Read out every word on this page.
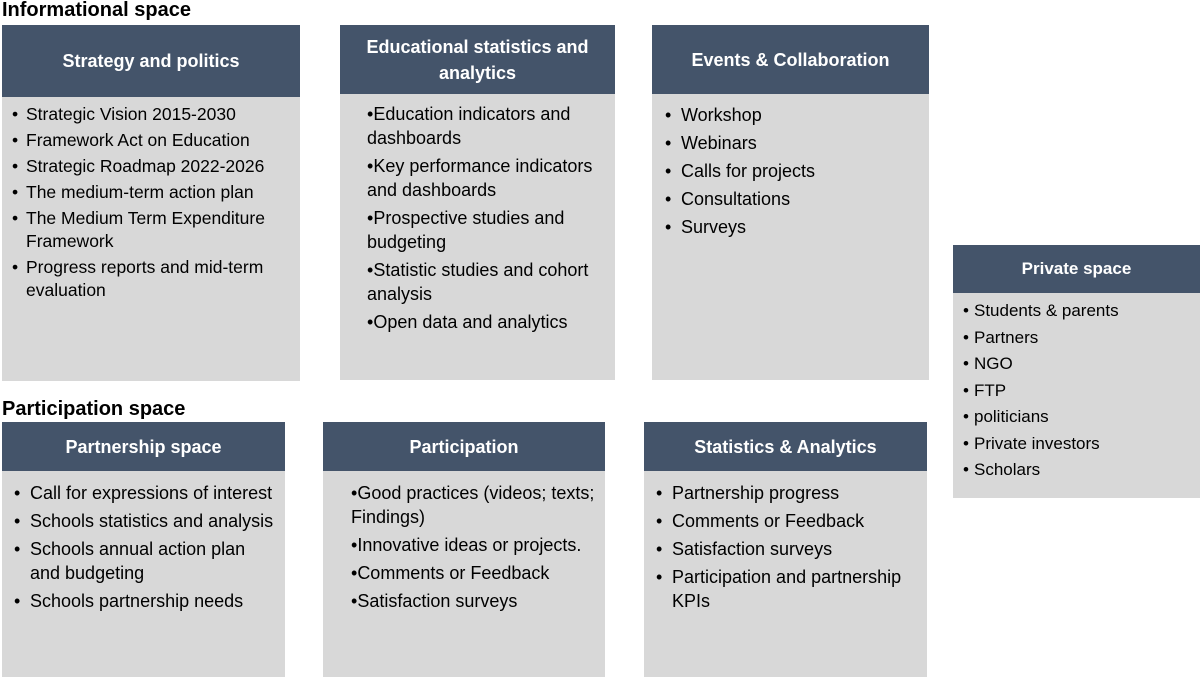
Informational space
Strategy and politics
• Strategic Vision 2015-2030
• Framework Act on Education
• Strategic Roadmap 2022-2026
• The medium-term action plan
• The Medium Term Expenditure Framework
• Progress reports and mid-term evaluation
Educational statistics and analytics
• Education indicators and dashboards
• Key performance indicators and dashboards
• Prospective studies and budgeting
• Statistic studies and cohort analysis
• Open data and analytics
Events & Collaboration
• Workshop
• Webinars
• Calls for projects
• Consultations
• Surveys
Private space
• Students & parents
• Partners
• NGO
• FTP
• politicians
• Private investors
• Scholars
Participation space
Partnership space
• Call for expressions of interest
• Schools statistics and analysis
• Schools annual action plan and budgeting
• Schools partnership needs
Participation
• Good practices (videos; texts; Findings)
• Innovative ideas or projects.
• Comments or Feedback
• Satisfaction surveys
Statistics & Analytics
• Partnership progress
• Comments or Feedback
• Satisfaction surveys
• Participation and partnership KPIs
